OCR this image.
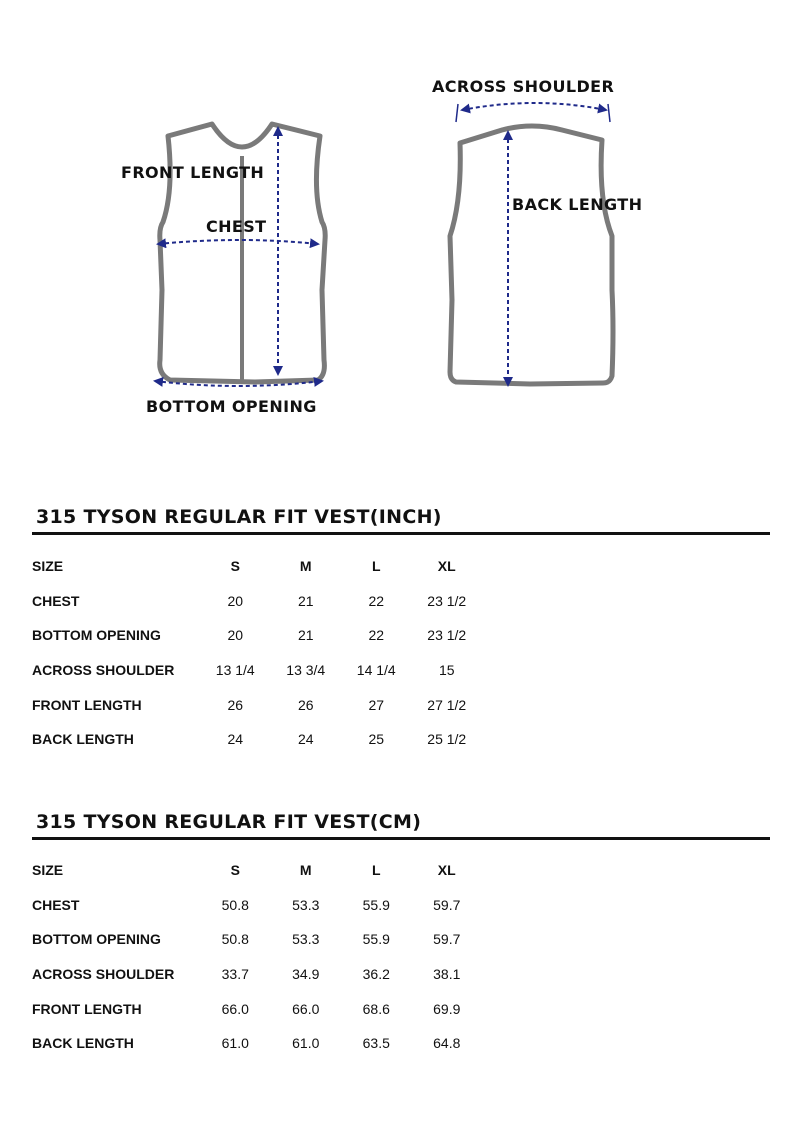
FRONT LENGTH
CHEST
BOTTOM OPENING
ACROSS SHOULDER
BACK LENGTH
315 TYSON REGULAR FIT VEST(INCH)
SIZE	S	M	L	XL
CHEST	20	21	22	23 1/2
BOTTOM OPENING	20	21	22	23 1/2
ACROSS SHOULDER	13 1/4	13 3/4	14 1/4	15
FRONT LENGTH	26	26	27	27 1/2
BACK LENGTH	24	24	25	25 1/2
315 TYSON REGULAR FIT VEST(CM)
SIZE	S	M	L	XL
CHEST	50.8	53.3	55.9	59.7
BOTTOM OPENING	50.8	53.3	55.9	59.7
ACROSS SHOULDER	33.7	34.9	36.2	38.1
FRONT LENGTH	66.0	66.0	68.6	69.9
BACK LENGTH	61.0	61.0	63.5	64.8
